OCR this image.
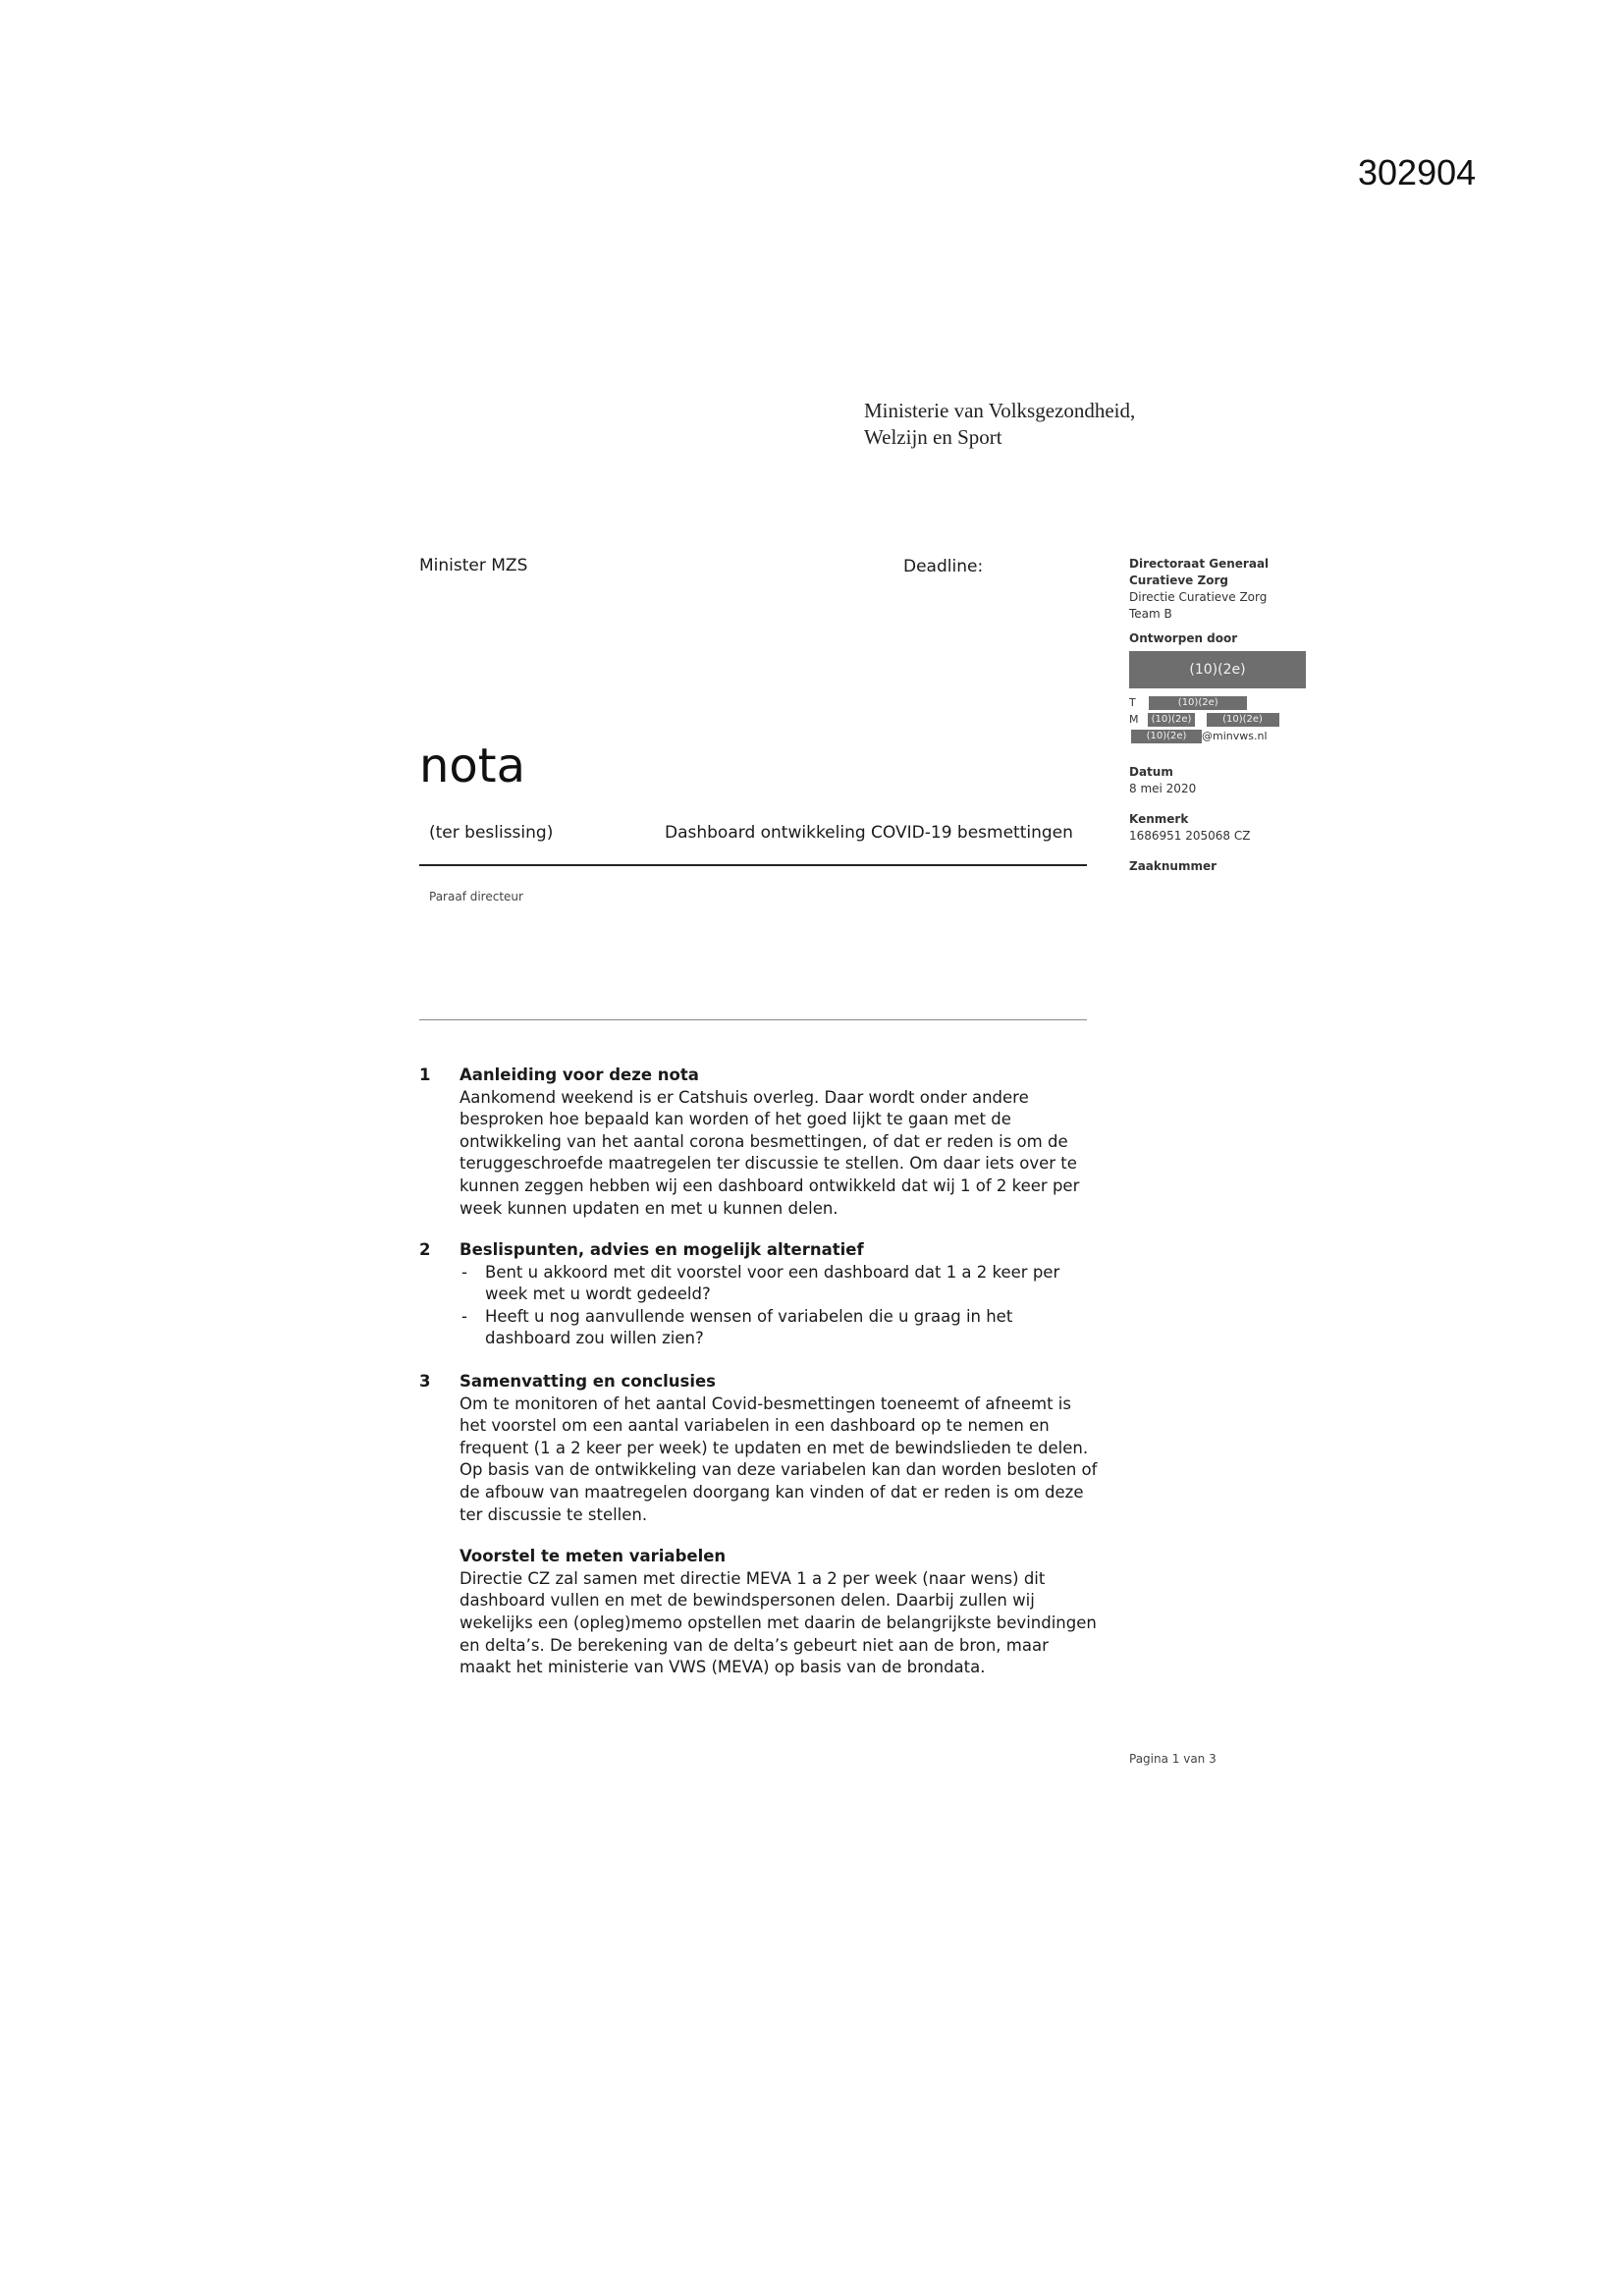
302904
Ministerie van Volksgezondheid,
Welzijn en Sport
Minister MZS	Deadline:	Directoraat Generaal
Curatieve Zorg
Directie Curatieve Zorg
Team B
Ontworpen door
(10)(2e)
T	(10)(2e)
M (10)(2e)	(10)(2e)
(10)(2e) @minvws.nl
Datum
8 mei 2020
Kenmerk
1686951 205068 CZ
Zaaknummer
nota
(ter beslissing)	Dashboard ontwikkeling COVID-19 besmettingen
Paraaf directeur
1 Aanleiding voor deze nota
Aankomend weekend is er Catshuis overleg. Daar wordt onder andere
besproken hoe bepaald kan worden of het goed lijkt te gaan met de
ontwikkeling van het aantal corona besmettingen, of dat er reden is om de
teruggeschroefde maatregelen ter discussie te stellen. Om daar iets over te
kunnen zeggen hebben wij een dashboard ontwikkeld dat wij 1 of 2 keer per
week kunnen updaten en met u kunnen delen.
2 Beslispunten, advies en mogelijk alternatief
- Bent u akkoord met dit voorstel voor een dashboard dat 1 a 2 keer per
week met u wordt gedeeld?
- Heeft u nog aanvullende wensen of variabelen die u graag in het
dashboard zou willen zien?
3 Samenvatting en conclusies
Om te monitoren of het aantal Covid-besmettingen toeneemt of afneemt is
het voorstel om een aantal variabelen in een dashboard op te nemen en
frequent (1 a 2 keer per week) te updaten en met de bewindslieden te delen.
Op basis van de ontwikkeling van deze variabelen kan dan worden besloten of
de afbouw van maatregelen doorgang kan vinden of dat er reden is om deze
ter discussie te stellen.
Voorstel te meten variabelen
Directie CZ zal samen met directie MEVA 1 a 2 per week (naar wens) dit
dashboard vullen en met de bewindspersonen delen. Daarbij zullen wij
wekelijks een (opleg)memo opstellen met daarin de belangrijkste bevindingen
en delta’s. De berekening van de delta’s gebeurt niet aan de bron, maar
maakt het ministerie van VWS (MEVA) op basis van de brondata.
Pagina 1 van 3
